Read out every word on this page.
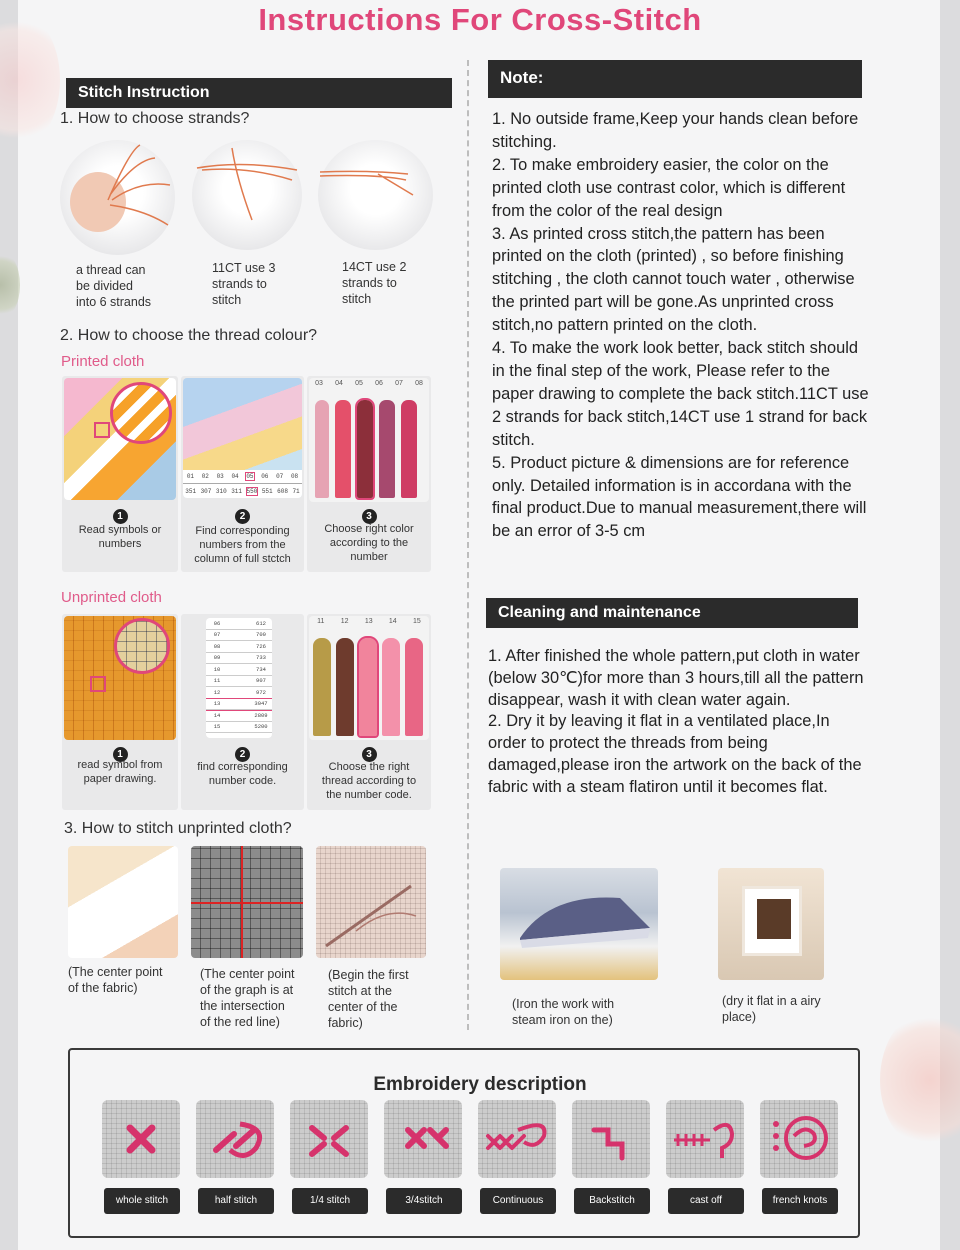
Instructions For Cross-Stitch
Stitch Instruction
1. How to choose strands?
a thread can
be divided
into 6 strands
11CT use 3
strands to
stitch
14CT use 2
strands to
stitch
2. How to choose the thread colour?
Printed cloth
1
Read symbols or
numbers
01 02 03 04 05 06 07 08
351 307 310 311 550 551 608 71
2
Find corresponding
numbers from the
column of full stctch
03 04 05 06 07 08
3
Choose right color
according to the
number
Unprinted cloth
1
read symbol from
paper drawing.
06	612
07	700
08	726
09	733
10	734
11	907
12	972
13	3047
14	2809
15	5200
2
find corresponding
number code.
11 12 13 14 15
3
Choose the right
thread according to
the number code.
3. How to stitch unprinted cloth?
(The center point
of the fabric)
(The center point
of the graph is at
the intersection
of the red line)
(Begin the first
stitch at the
center of the
fabric)
Note:

1. No outside frame,Keep your hands clean before stitching.

2. To make embroidery easier, the color on the printed cloth use contrast color, which is different from the color of the real design

3. As printed cross stitch,the pattern has been printed on the cloth (printed) , so before finishing stitching , the cloth cannot touch water , otherwise the printed part will be gone.As unprinted cross stitch,no pattern printed on the cloth.

4. To make the work look better, back stitch should in the final step of the work, Please refer to the paper drawing to complete the back stitch.11CT use 2 strands for back stitch,14CT use 1 strand for back stitch.

5. Product picture & dimensions are for reference only. Detailed information is in accordana with the final product.Due to manual measurement,there will be an error of 3-5 cm

Cleaning and maintenance

1. After finished the whole pattern,put cloth in water (below 30℃)for more than 3 hours,till all the pattern disappear, wash it with clean water again.

2. Dry it by leaving it flat in a ventilated place,In order to protect the threads from being damaged,please iron the artwork on the back of the fabric with a steam flatiron until it becomes flat.

(Iron the work with
steam iron on the)
(dry it flat in a airy
place)
Embroidery description
whole stitch	half stitch	1/4 stitch	3/4stitch	Continuous	Backstitch	cast off	french knots
